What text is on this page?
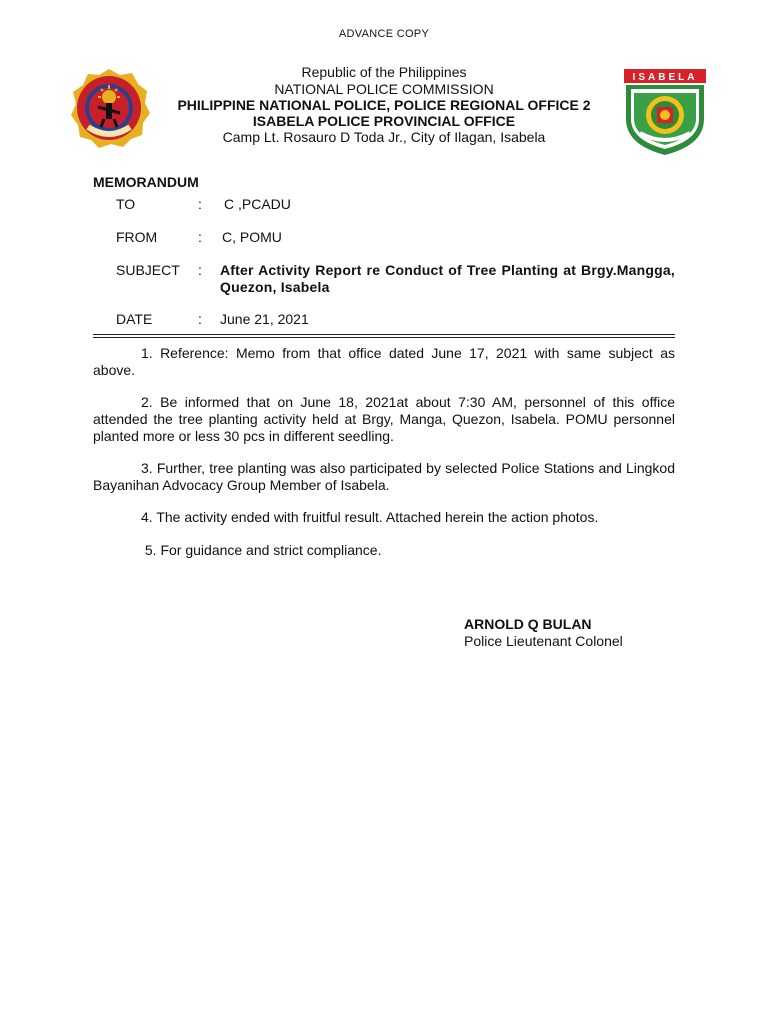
ADVANCE COPY
ISABELA
Republic of the Philippines
NATIONAL POLICE COMMISSION
PHILIPPINE NATIONAL POLICE, POLICE REGIONAL OFFICE 2
ISABELA POLICE PROVINCIAL OFFICE
Camp Lt. Rosauro D Toda Jr., City of Ilagan, Isabela
MEMORANDUM
TO	: C ,PCADU
FROM	: C, POMU
SUBJECT : After Activity Report re Conduct of Tree Planting at Brgy.Mangga, Quezon, Isabela
DATE	: June 21, 2021
1. Reference: Memo from that office dated June 17, 2021 with same subject as above.
2. Be informed that on June 18, 2021at about 7:30 AM, personnel of this office attended the tree planting activity held at Brgy, Manga, Quezon, Isabela. POMU personnel planted more or less 30 pcs in different seedling.
3. Further, tree planting was also participated by selected Police Stations and Lingkod Bayanihan Advocacy Group Member of Isabela.
4. The activity ended with fruitful result. Attached herein the action photos.
5. For guidance and strict compliance.
ARNOLD Q BULAN
Police Lieutenant Colonel
